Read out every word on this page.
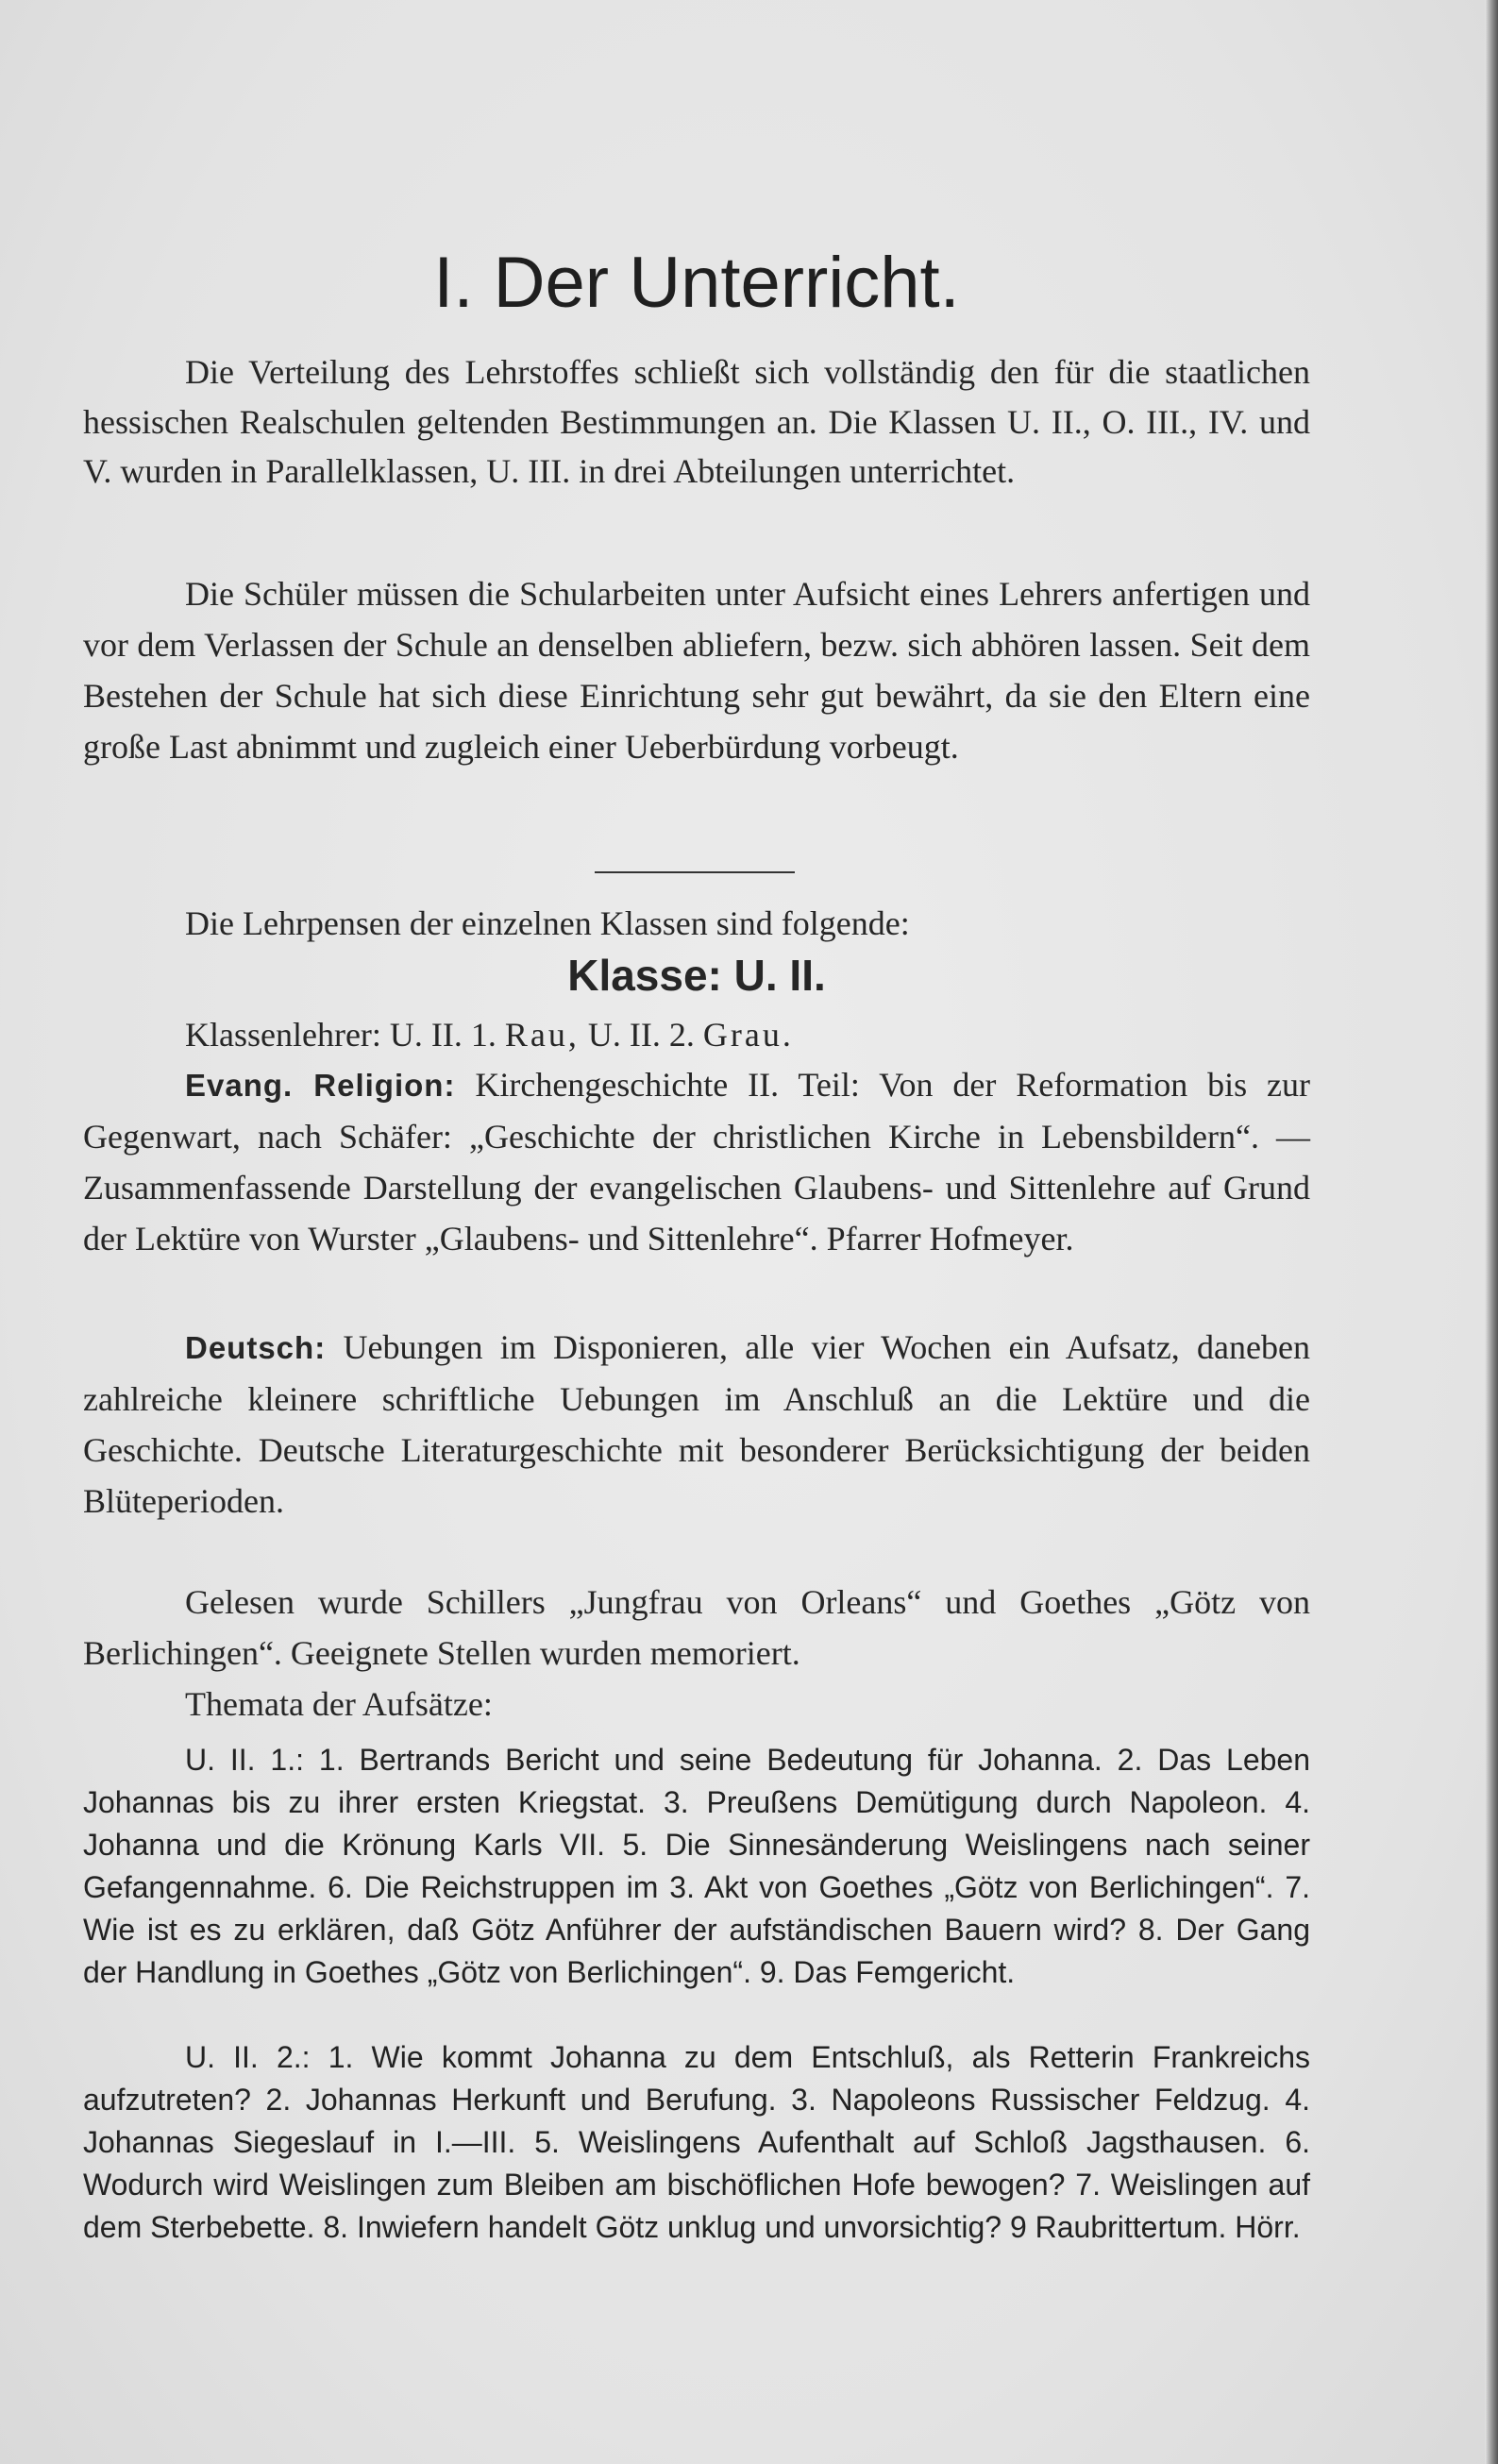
I. Der Unterricht.

Die Verteilung des Lehrstoffes schließt sich vollständig den für die staatlichen hessischen Realschulen geltenden Bestimmungen an. Die Klassen U. II., O. III., IV. und V. wurden in Parallelklassen, U. III. in drei Abteilungen unterrichtet.

Die Schüler müssen die Schularbeiten unter Aufsicht eines Lehrers anfertigen und vor dem Verlassen der Schule an denselben abliefern, bezw. sich abhören lassen. Seit dem Bestehen der Schule hat sich diese Einrichtung sehr gut bewährt, da sie den Eltern eine große Last abnimmt und zugleich einer Ueberbürdung vorbeugt.

Die Lehrpensen der einzelnen Klassen sind folgende:

Klasse: U. II.

Klassenlehrer: U. II. 1. Rau, U. II. 2. Grau.

Evang. Religion: Kirchengeschichte II. Teil: Von der Reformation bis zur Gegenwart, nach Schäfer: „Geschichte der christlichen Kirche in Lebensbildern“. — Zusammenfassende Darstellung der evangelischen Glaubens- und Sittenlehre auf Grund der Lektüre von Wurster „Glaubens- und Sittenlehre“. Pfarrer Hofmeyer.

Deutsch: Uebungen im Disponieren, alle vier Wochen ein Aufsatz, daneben zahlreiche kleinere schriftliche Uebungen im Anschluß an die Lektüre und die Geschichte. Deutsche Literaturgeschichte mit besonderer Berücksichtigung der beiden Blüteperioden.

Gelesen wurde Schillers „Jungfrau von Orleans“ und Goethes „Götz von Berlichingen“. Geeignete Stellen wurden memoriert.

Themata der Aufsätze:

U. II. 1.: 1. Bertrands Bericht und seine Bedeutung für Johanna. 2. Das Leben Johannas bis zu ihrer ersten Kriegstat. 3. Preußens Demütigung durch Napoleon. 4. Johanna und die Krönung Karls VII. 5. Die Sinnesänderung Weislingens nach seiner Gefangennahme. 6. Die Reichstruppen im 3. Akt von Goethes „Götz von Berlichingen“. 7. Wie ist es zu erklären, daß Götz Anführer der aufständischen Bauern wird? 8. Der Gang der Handlung in Goethes „Götz von Berlichingen“. 9. Das Femgericht.

U. II. 2.: 1. Wie kommt Johanna zu dem Entschluß, als Retterin Frankreichs aufzutreten? 2. Johannas Herkunft und Berufung. 3. Napoleons Russischer Feldzug. 4. Johannas Siegeslauf in I.—III. 5. Weislingens Aufenthalt auf Schloß Jagsthausen. 6. Wodurch wird Weislingen zum Bleiben am bischöflichen Hofe bewogen? 7. Weislingen auf dem Sterbebette. 8. Inwiefern handelt Götz unklug und unvorsichtig? 9 Raubrittertum. Hörr.
